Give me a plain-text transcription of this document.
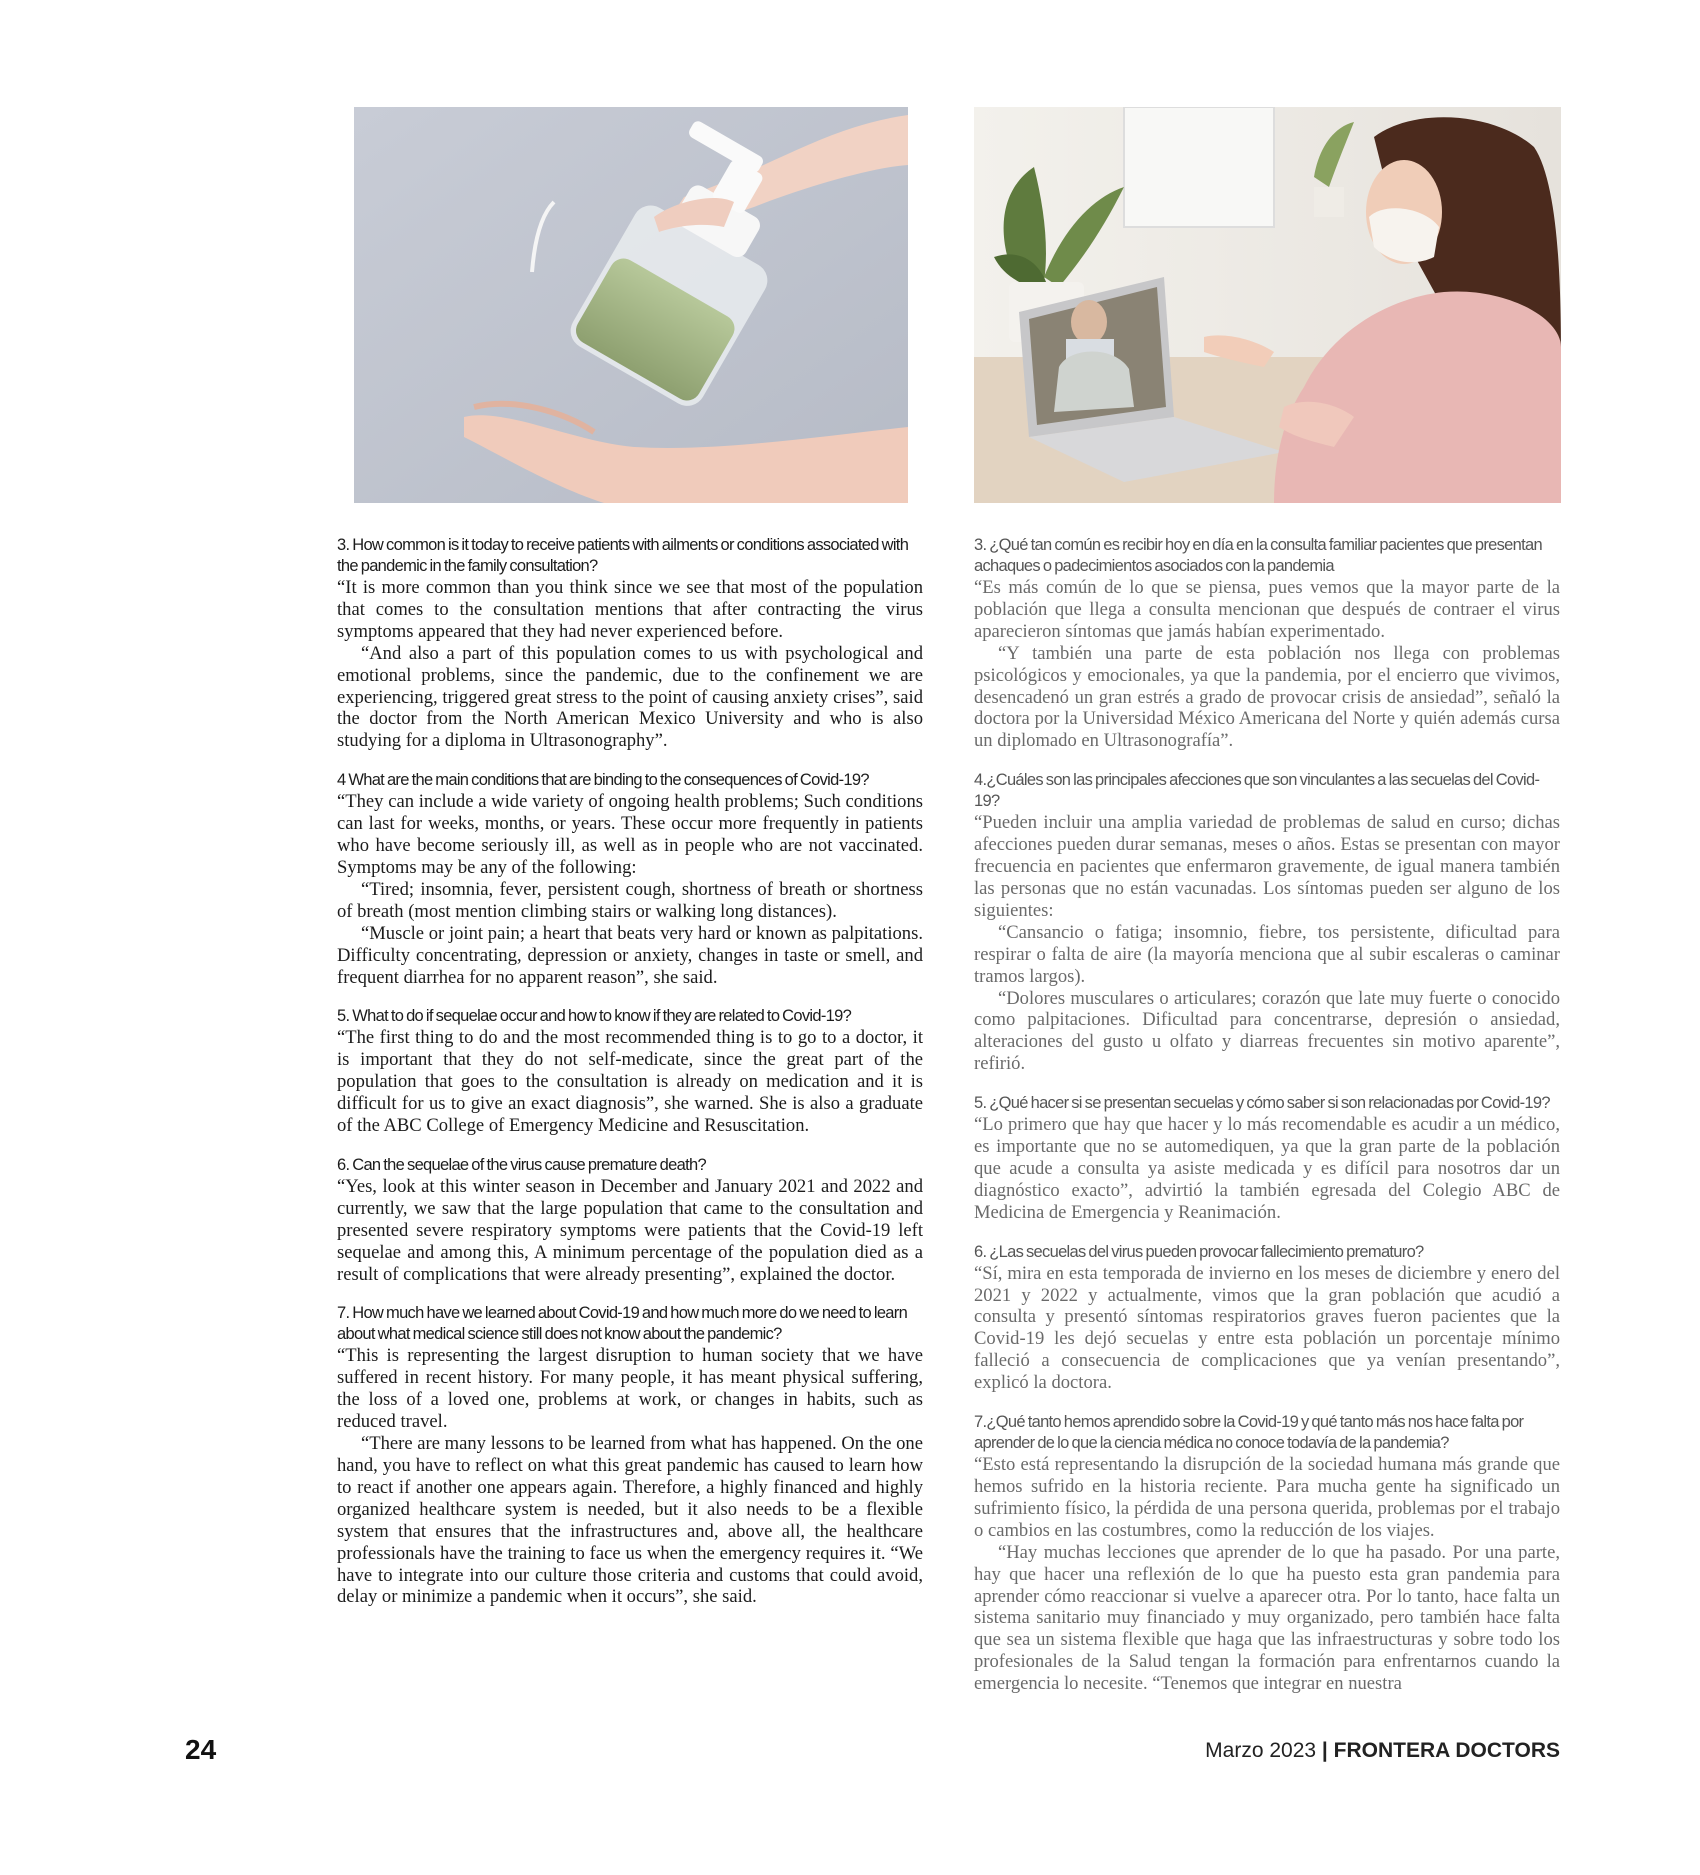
3. How common is it today to receive patients with ailments or conditions associated with the pandemic in the family consultation?

“It is more common than you think since we see that most of the population that comes to the consultation mentions that after contracting the virus symptoms appeared that they had never experienced before.

“And also a part of this population comes to us with psychological and emotional problems, since the pandemic, due to the confinement we are experiencing, triggered great stress to the point of causing anxiety crises”, said the doctor from the North American Mexico University and who is also studying for a diploma in Ultrasonography”.

4 What are the main conditions that are binding to the consequences of Covid-19?

“They can include a wide variety of ongoing health problems; Such conditions can last for weeks, months, or years. These occur more frequently in patients who have become seriously ill, as well as in people who are not vaccinated. Symptoms may be any of the following:

“Tired; insomnia, fever, persistent cough, shortness of breath or shortness of breath (most mention climbing stairs or walking long distances).

“Muscle or joint pain; a heart that beats very hard or known as palpitations. Difficulty concentrating, depression or anxiety, changes in taste or smell, and frequent diarrhea for no apparent reason”, she said.

5. What to do if sequelae occur and how to know if they are related to Covid-19?

“The first thing to do and the most recommended thing is to go to a doctor, it is important that they do not self-medicate, since the great part of the population that goes to the consultation is already on medication and it is difficult for us to give an exact diagnosis”, she warned. She is also a graduate of the ABC College of Emergency Medicine and Resuscitation.

6. Can the sequelae of the virus cause premature death?

“Yes, look at this winter season in December and January 2021 and 2022 and currently, we saw that the large population that came to the consultation and presented severe respiratory symptoms were patients that the Covid-19 left sequelae and among this, A minimum percentage of the population died as a result of complications that were already presenting”, explained the doctor.

7. How much have we learned about Covid-19 and how much more do we need to learn about what medical science still does not know about the pandemic?

“This is representing the largest disruption to human society that we have suffered in recent history. For many people, it has meant physical suffering, the loss of a loved one, problems at work, or changes in habits, such as reduced travel.

“There are many lessons to be learned from what has happened. On the one hand, you have to reflect on what this great pandemic has caused to learn how to react if another one appears again. Therefore, a highly financed and highly organized healthcare system is needed, but it also needs to be a flexible system that ensures that the infrastructures and, above all, the healthcare professionals have the training to face us when the emergency requires it. “We have to integrate into our culture those criteria and customs that could avoid, delay or minimize a pandemic when it occurs”, she said.

3. ¿Qué tan común es recibir hoy en día en la consulta familiar pacientes que presentan achaques o padecimientos asociados con la pandemia

“Es más común de lo que se piensa, pues vemos que la mayor parte de la población que llega a consulta mencionan que después de contraer el virus aparecieron síntomas que jamás habían experimentado.

“Y también una parte de esta población nos llega con problemas psicológicos y emocionales, ya que la pandemia, por el encierro que vivimos, desencadenó un gran estrés a grado de provocar crisis de ansiedad”, señaló la doctora por la Universidad México Americana del Norte y quién además cursa un diplomado en Ultrasonografía”.

4.¿Cuáles son las principales afecciones que son vinculantes a las secuelas del Covid-19?

“Pueden incluir una amplia variedad de problemas de salud en curso; dichas afecciones pueden durar semanas, meses o años. Estas se presentan con mayor frecuencia en pacientes que enfermaron gravemente, de igual manera también las personas que no están vacunadas. Los síntomas pueden ser alguno de los siguientes:

“Cansancio o fatiga; insomnio, fiebre, tos persistente, dificultad para respirar o falta de aire (la mayoría menciona que al subir escaleras o caminar tramos largos).

“Dolores musculares o articulares; corazón que late muy fuerte o conocido como palpitaciones. Dificultad para concentrarse, depresión o ansiedad, alteraciones del gusto u olfato y diarreas frecuentes sin motivo aparente”, refirió.

5. ¿Qué hacer si se presentan secuelas y cómo saber si son relacionadas por Covid-19?

“Lo primero que hay que hacer y lo más recomendable es acudir a un médico, es importante que no se automediquen, ya que la gran parte de la población que acude a consulta ya asiste medicada y es difícil para nosotros dar un diagnóstico exacto”, advirtió la también egresada del Colegio ABC de Medicina de Emergencia y Reanimación.

6. ¿Las secuelas del virus pueden provocar fallecimiento prematuro?

“Sí, mira en esta temporada de invierno en los meses de diciembre y enero del 2021 y 2022 y actualmente, vimos que la gran población que acudió a consulta y presentó síntomas respiratorios graves fueron pacientes que la Covid-19 les dejó secuelas y entre esta población un porcentaje mínimo falleció a consecuencia de complicaciones que ya venían presentando”, explicó la doctora.

7.¿Qué tanto hemos aprendido sobre la Covid-19 y qué tanto más nos hace falta por aprender de lo que la ciencia médica no conoce todavía de la pandemia?

“Esto está representando la disrupción de la sociedad humana más grande que hemos sufrido en la historia reciente. Para mucha gente ha significado un sufrimiento físico, la pérdida de una persona querida, problemas por el trabajo o cambios en las costumbres, como la reducción de los viajes.

“Hay muchas lecciones que aprender de lo que ha pasado. Por una parte, hay que hacer una reflexión de lo que ha puesto esta gran pandemia para aprender cómo reaccionar si vuelve a aparecer otra. Por lo tanto, hace falta un sistema sanitario muy financiado y muy organizado, pero también hace falta que sea un sistema flexible que haga que las infraestructuras y sobre todo los profesionales de la Salud tengan la formación para enfrentarnos cuando la emergencia lo necesite. “Tenemos que integrar en nuestra

24	Marzo 2023 | FRONTERA DOCTORS
